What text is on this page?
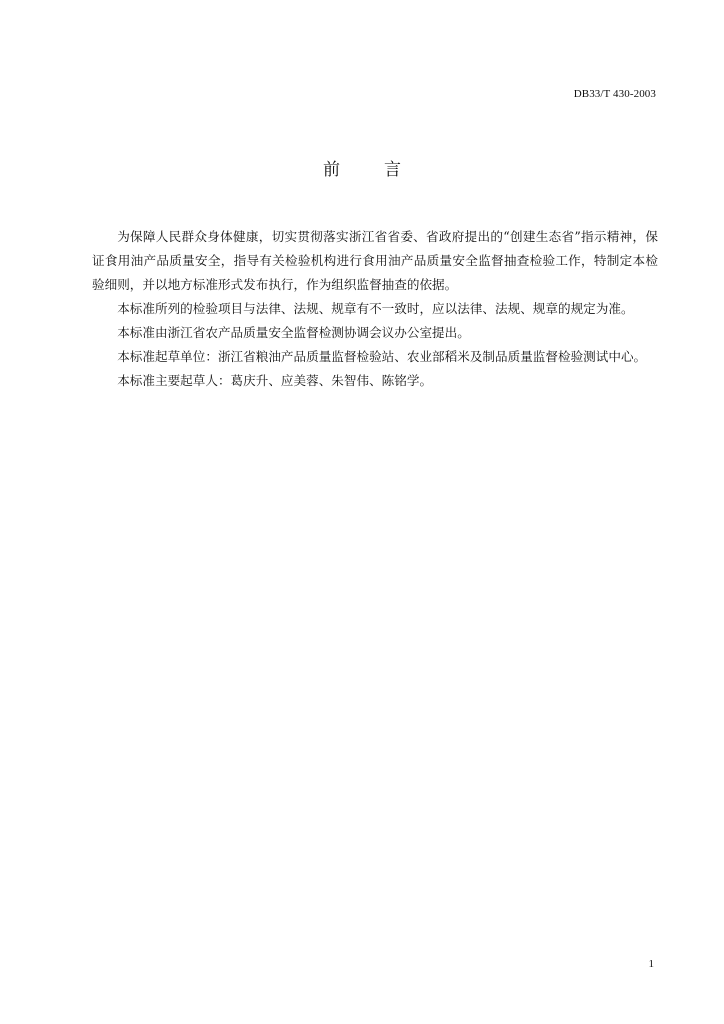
DB33/T 430-2003
前	言

为保障人民群众身体健康，切实贯彻落实浙江省省委、省政府提出的“创建生态省”指示精神，保证食用油产品质量安全，指导有关检验机构进行食用油产品质量安全监督抽查检验工作，特制定本检验细则，并以地方标准形式发布执行，作为组织监督抽查的依据。

本标准所列的检验项目与法律、法规、规章有不一致时，应以法律、法规、规章的规定为准。

本标准由浙江省农产品质量安全监督检测协调会议办公室提出。

本标准起草单位：浙江省粮油产品质量监督检验站、农业部稻米及制品质量监督检验测试中心。

本标准主要起草人：葛庆升、应美蓉、朱智伟、陈铭学。

1
